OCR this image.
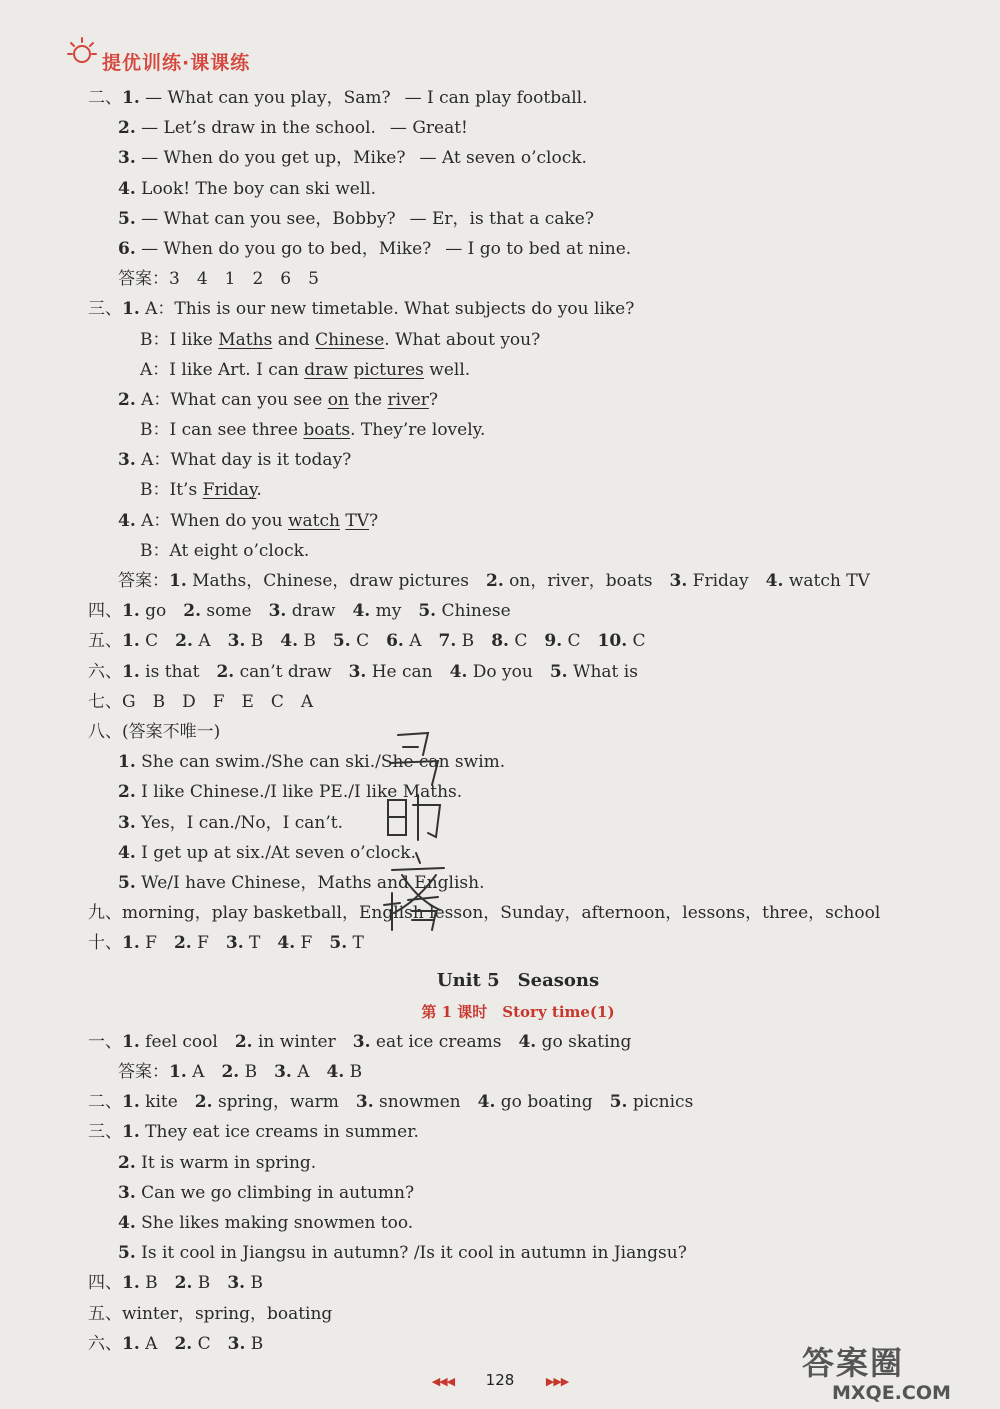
提优训练·课课练
二、1. — What can you play，Sam? — I can play football.
2. — Let’s draw in the school. — Great!
3. — When do you get up，Mike? — At seven o’clock.
4. Look! The boy can ski well.
5. — What can you see，Bobby? — Er，is that a cake?
6. — When do you go to bed，Mike? — I go to bed at nine.
答案：3　4　1　2　6　5
三、1. A：This is our new timetable. What subjects do you like?
B：I like Maths and Chinese. What about you?
A：I like Art. I can draw pictures well.
2. A：What can you see on the river?
B：I can see three boats. They’re lovely.
3. A：What day is it today?
B：It’s Friday.
4. A：When do you watch TV?
B：At eight o’clock.
答案：1. Maths，Chinese，draw pictures　2. on，river，boats　3. Friday　4. watch TV
四、1. go　2. some　3. draw　4. my　5. Chinese
五、1. C　2. A　3. B　4. B　5. C　6. A　7. B　8. C　9. C　10. C
六、1. is that　2. can’t draw　3. He can　4. Do you　5. What is
七、G　B　D　F　E　C　A
八、(答案不唯一)
1. She can swim./She can ski./She can swim.
2. I like Chinese./I like PE./I like Maths.
3. Yes，I can./No，I can’t.
4. I get up at six./At seven o’clock.
5. We/I have Chinese，Maths and English.
九、morning，play basketball，English lesson，Sunday，afternoon，lessons，three，school
十、1. F　2. F　3. T　4. F　5. T
Unit 5　Seasons
第 1 课时　Story time(1)
一、1. feel cool　2. in winter　3. eat ice creams　4. go skating
答案：1. A　2. B　3. A　4. B
二、1. kite　2. spring，warm　3. snowmen　4. go boating　5. picnics
三、1. They eat ice creams in summer.
2. It is warm in spring.
3. Can we go climbing in autumn?
4. She likes making snowmen too.
5. Is it cool in Jiangsu in autumn? /Is it cool in autumn in Jiangsu?
四、1. B　2. B　3. B
五、winter，spring，boating
六、1. A　2. C　3. B
◀◀◀ 128	▶▶▶	答案圈
MXQE.COM
